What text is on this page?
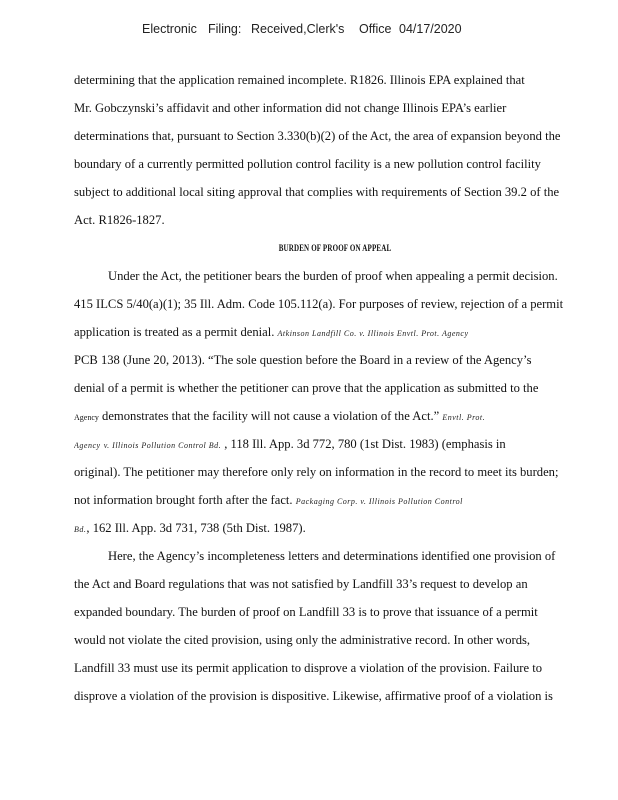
Electronic Filing: Received,Clerk's Office 04/17/2020
determining that the application remained incomplete. R1826. Illinois EPA explained that
Mr. Gobczynski’s affidavit and other information did not change Illinois EPA’s earlier
determinations that, pursuant to Section 3.330(b)(2) of the Act, the area of expansion beyond the
boundary of a currently permitted pollution control facility is a new pollution control facility
subject to additional local siting approval that complies with requirements of Section 39.2 of the
Act. R1826-1827.
BURDEN OF PROOF ON APPEAL
Under the Act, the petitioner bears the burden of proof when appealing a permit decision.
415 ILCS 5/40(a)(1); 35 Ill. Adm. Code 105.112(a). For purposes of review, rejection of a permit
application is treated as a permit denial. Atkinson Landfill Co. v. Illinois Envtl. Prot. Agency
PCB 138 (June 20, 2013). “The sole question before the Board in a review of the Agency’s
denial of a permit is whether the petitioner can prove that the application as submitted to the
Agency demonstrates that the facility will not cause a violation of the Act.” Envtl. Prot.
Agency v. Illinois Pollution Control Bd. , 118 Ill. App. 3d 772, 780 (1st Dist. 1983) (emphasis in
original). The petitioner may therefore only rely on information in the record to meet its burden;
not information brought forth after the fact. Packaging Corp. v. Illinois Pollution Control
Bd., 162 Ill. App. 3d 731, 738 (5th Dist. 1987).
Here, the Agency’s incompleteness letters and determinations identified one provision of
the Act and Board regulations that was not satisfied by Landfill 33’s request to develop an
expanded boundary. The burden of proof on Landfill 33 is to prove that issuance of a permit
would not violate the cited provision, using only the administrative record. In other words,
Landfill 33 must use its permit application to disprove a violation of the provision. Failure to
disprove a violation of the provision is dispositive. Likewise, affirmative proof of a violation is
